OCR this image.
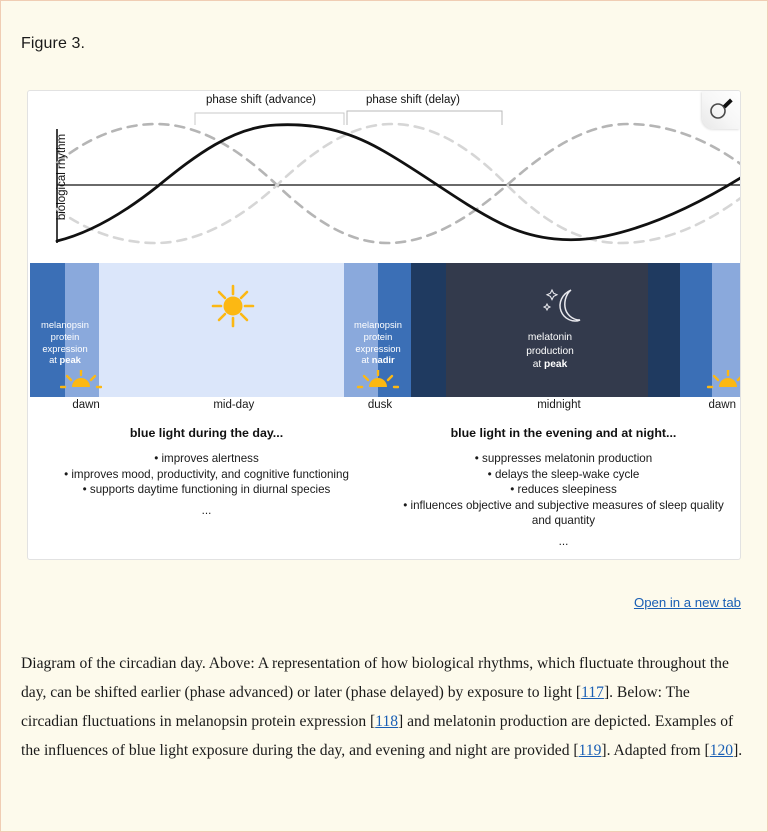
Figure 3.
phase shift (advance)	phase shift (delay)
biological rhythm
melanopsin
protein
expression
at peak
melanopsin
protein
expression
at nadir
melatonin
production
at peak
dawn	mid-day	dusk	midnight	dawn
blue light during the day...
• improves alertness
• improves mood, productivity, and cognitive functioning
• supports daytime functioning in diurnal species
...
blue light in the evening and at night...
• suppresses melatonin production
• delays the sleep-wake cycle
• reduces sleepiness
• influences objective and subjective measures of sleep quality and quantity
...
Open in a new tab
Diagram of the circadian day. Above: A representation of how biological rhythms, which fluctuate throughout the day, can be shifted earlier (phase advanced) or later (phase delayed) by exposure to light [117]. Below: The circadian fluctuations in melanopsin protein expression [118] and melatonin production are depicted. Examples of the influences of blue light exposure during the day, and evening and night are provided [119]. Adapted from [120].
